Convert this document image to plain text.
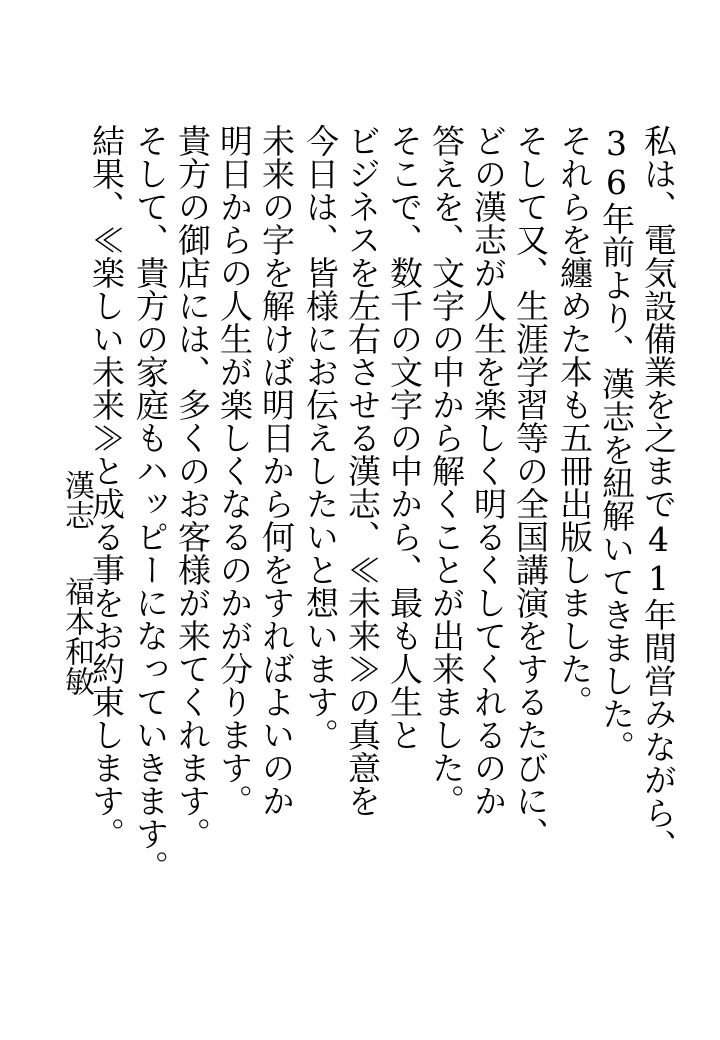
私は、電気設備業を之まで41年間営みながら、
36年前より、漢志を紐解いてきました。
それらを纏めた本も五冊出版しました。
そして又、生涯学習等の全国講演をするたびに、
どの漢志が人生を楽しく明るくしてくれるのか
答えを、文字の中から解くことが出来ました。
そこで、数千の文字の中から、最も人生と
ビジネスを左右させる漢志、≪未来≫の真意を
今日は、皆様にお伝えしたいと想います。
未来の字を解けば明日から何をすればよいのか
明日からの人生が楽しくなるのかが分ります。
貴方の御店には、多くのお客様が来てくれます。
そして、貴方の家庭もハッピーになっていきます。
結果、≪楽しい未来≫と成る事をお約束します。
漢志
福本和敏
